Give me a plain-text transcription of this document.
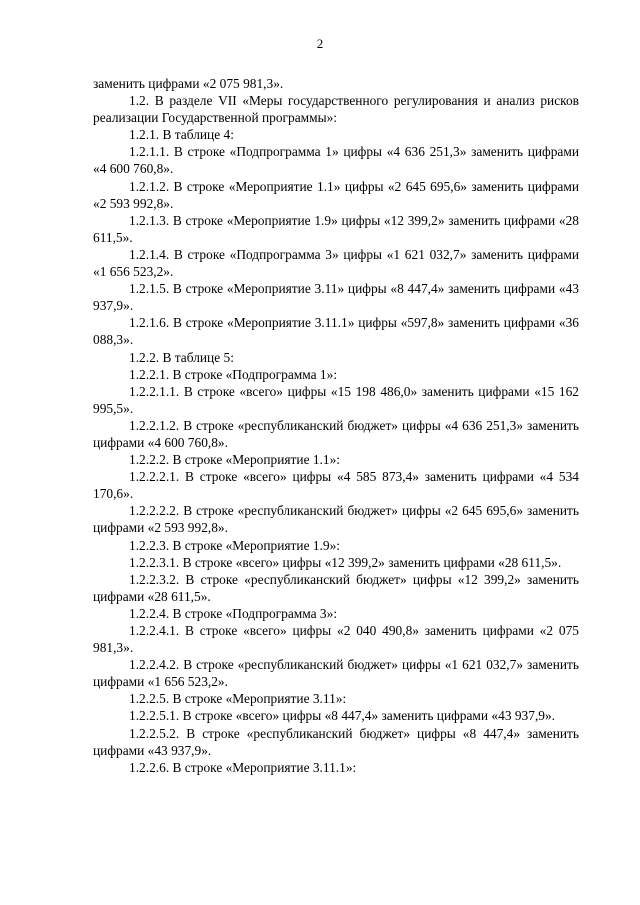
2

заменить цифрами «2 075 981,3».

1.2. В разделе VII «Меры государственного регулирования и анализ рисков реализации Государственной программы»:

1.2.1. В таблице 4:

1.2.1.1. В строке «Подпрограмма 1» цифры «4 636 251,3» заменить цифрами «4 600 760,8».

1.2.1.2. В строке «Мероприятие 1.1» цифры «2 645 695,6» заменить цифрами «2 593 992,8».

1.2.1.3. В строке «Мероприятие 1.9» цифры «12 399,2» заменить цифрами «28 611,5».

1.2.1.4. В строке «Подпрограмма 3» цифры «1 621 032,7» заменить цифрами «1 656 523,2».

1.2.1.5. В строке «Мероприятие 3.11» цифры «8 447,4» заменить цифрами «43 937,9».

1.2.1.6. В строке «Мероприятие 3.11.1» цифры «597,8» заменить цифрами «36 088,3».

1.2.2. В таблице 5:

1.2.2.1. В строке «Подпрограмма 1»:

1.2.2.1.1. В строке «всего» цифры «15 198 486,0» заменить цифрами «15 162 995,5».

1.2.2.1.2. В строке «республиканский бюджет» цифры «4 636 251,3» заменить цифрами «4 600 760,8».

1.2.2.2. В строке «Мероприятие 1.1»:

1.2.2.2.1. В строке «всего» цифры «4 585 873,4» заменить цифрами «4 534 170,6».

1.2.2.2.2. В строке «республиканский бюджет» цифры «2 645 695,6» заменить цифрами «2 593 992,8».

1.2.2.3. В строке «Мероприятие 1.9»:

1.2.2.3.1. В строке «всего» цифры «12 399,2» заменить цифрами «28 611,5».

1.2.2.3.2. В строке «республиканский бюджет» цифры «12 399,2» заменить цифрами «28 611,5».

1.2.2.4. В строке «Подпрограмма 3»:

1.2.2.4.1. В строке «всего» цифры «2 040 490,8» заменить цифрами «2 075 981,3».

1.2.2.4.2. В строке «республиканский бюджет» цифры «1 621 032,7» заменить цифрами «1 656 523,2».

1.2.2.5. В строке «Мероприятие 3.11»:

1.2.2.5.1. В строке «всего» цифры «8 447,4» заменить цифрами «43 937,9».

1.2.2.5.2. В строке «республиканский бюджет» цифры «8 447,4» заменить цифрами «43 937,9».

1.2.2.6. В строке «Мероприятие 3.11.1»:
